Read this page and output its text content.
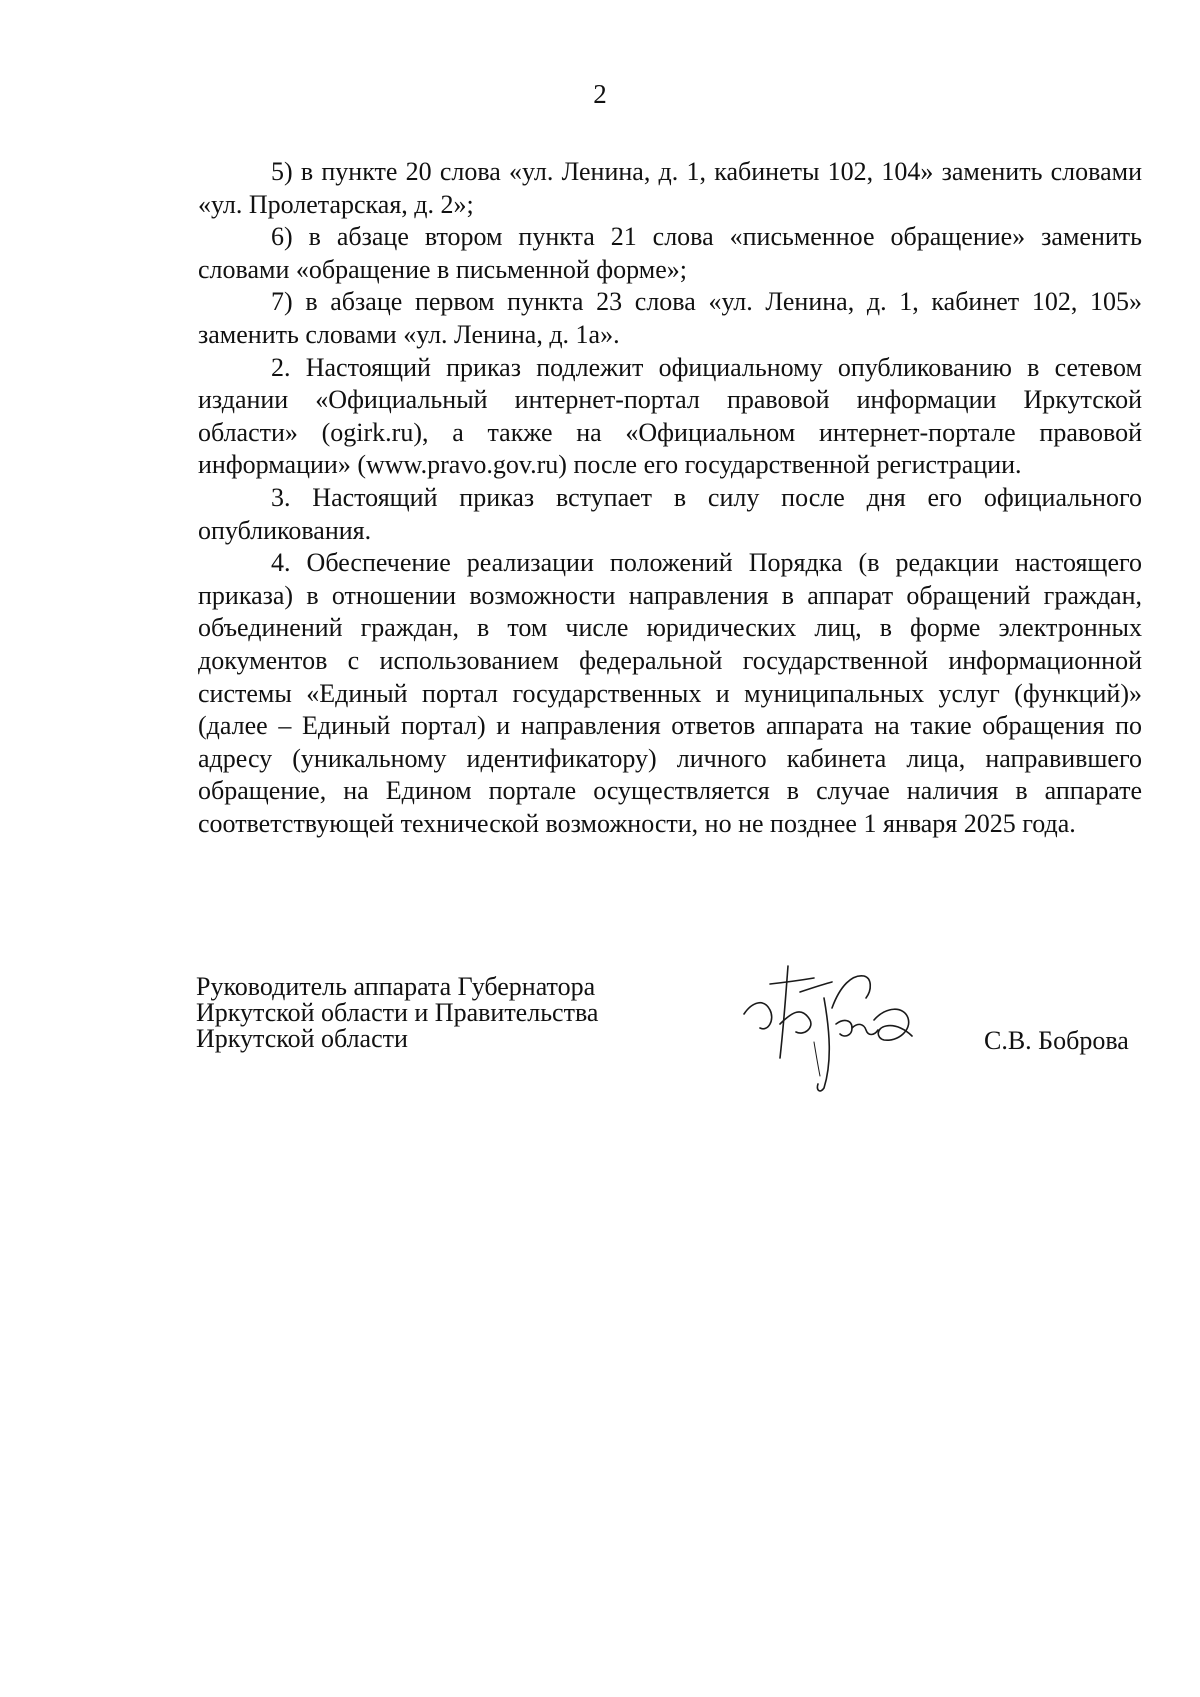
2

5) в пункте 20 слова «ул. Ленина, д. 1, кабинеты 102, 104» заменить словами «ул. Пролетарская, д. 2»;

6) в абзаце втором пункта 21 слова «письменное обращение» заменить словами «обращение в письменной форме»;

7) в абзаце первом пункта 23 слова «ул. Ленина, д. 1, кабинет 102, 105» заменить словами «ул. Ленина, д. 1а».

2. Настоящий приказ подлежит официальному опубликованию в сетевом издании «Официальный интернет-портал правовой информации Иркутской области» (ogirk.ru), а также на «Официальном интернет-портале правовой информации» (www.pravo.gov.ru) после его государственной регистрации.

3. Настоящий приказ вступает в силу после дня его официального опубликования.

4. Обеспечение реализации положений Порядка (в редакции настоящего приказа) в отношении возможности направления в аппарат обращений граждан, объединений граждан, в том числе юридических лиц, в форме электронных документов с использованием федеральной государственной информационной системы «Единый портал государственных и муниципальных услуг (функций)» (далее – Единый портал) и направления ответов аппарата на такие обращения по адресу (уникальному идентификатору) личного кабинета лица, направившего обращение, на Едином портале осуществляется в случае наличия в аппарате соответствующей технической возможности, но не позднее 1 января 2025 года.

Руководитель аппарата Губернатора
Иркутской области и Правительства
Иркутской области	С.В. Боброва
